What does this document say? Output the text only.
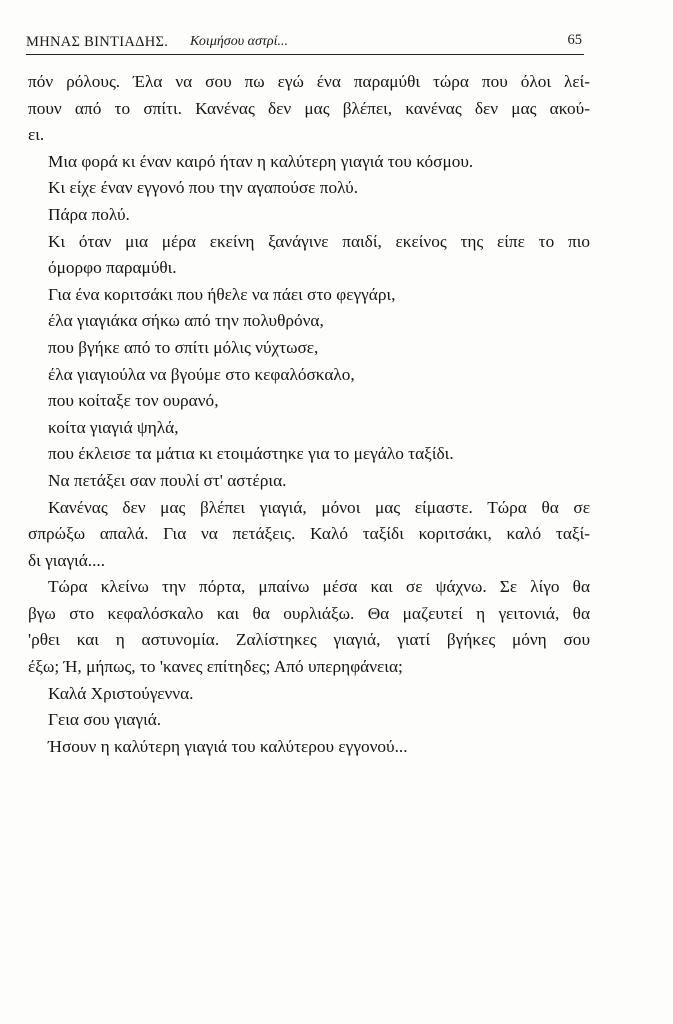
ΜΗΝΑΣ ΒΙΝΤΙΑΔΗΣ. Κοιμήσου αστρί...	65
πόν ρόλους. Έλα να σου πω εγώ ένα παραμύθι τώρα που όλοι λεί-
πουν από το σπίτι. Κανένας δεν μας βλέπει, κανένας δεν μας ακού-
ει.
Μια φορά κι έναν καιρό ήταν η καλύτερη γιαγιά του κόσμου.
Κι είχε έναν εγγονό που την αγαπούσε πολύ.
Πάρα πολύ.
Κι όταν μια μέρα εκείνη ξανάγινε παιδί, εκείνος της είπε το πιο
όμορφο παραμύθι.
Για ένα κοριτσάκι που ήθελε να πάει στο φεγγάρι,
έλα γιαγιάκα σήκω από την πολυθρόνα,
που βγήκε από το σπίτι μόλις νύχτωσε,
έλα γιαγιούλα να βγούμε στο κεφαλόσκαλο,
που κοίταξε τον ουρανό,
κοίτα γιαγιά ψηλά,
που έκλεισε τα μάτια κι ετοιμάστηκε για το μεγάλο ταξίδι.
Να πετάξει σαν πουλί στ' αστέρια.
Κανένας δεν μας βλέπει γιαγιά, μόνοι μας είμαστε. Τώρα θα σε
σπρώξω απαλά. Για να πετάξεις. Καλό ταξίδι κοριτσάκι, καλό ταξί-
δι γιαγιά....
Τώρα κλείνω την πόρτα, μπαίνω μέσα και σε ψάχνω. Σε λίγο θα
βγω στο κεφαλόσκαλο και θα ουρλιάξω. Θα μαζευτεί η γειτονιά, θα
'ρθει και η αστυνομία. Ζαλίστηκες γιαγιά, γιατί βγήκες μόνη σου
έξω; Ή, μήπως, το 'κανες επίτηδες; Από υπερηφάνεια;
Καλά Χριστούγεννα.
Γεια σου γιαγιά.
Ήσουν η καλύτερη γιαγιά του καλύτερου εγγονού...
